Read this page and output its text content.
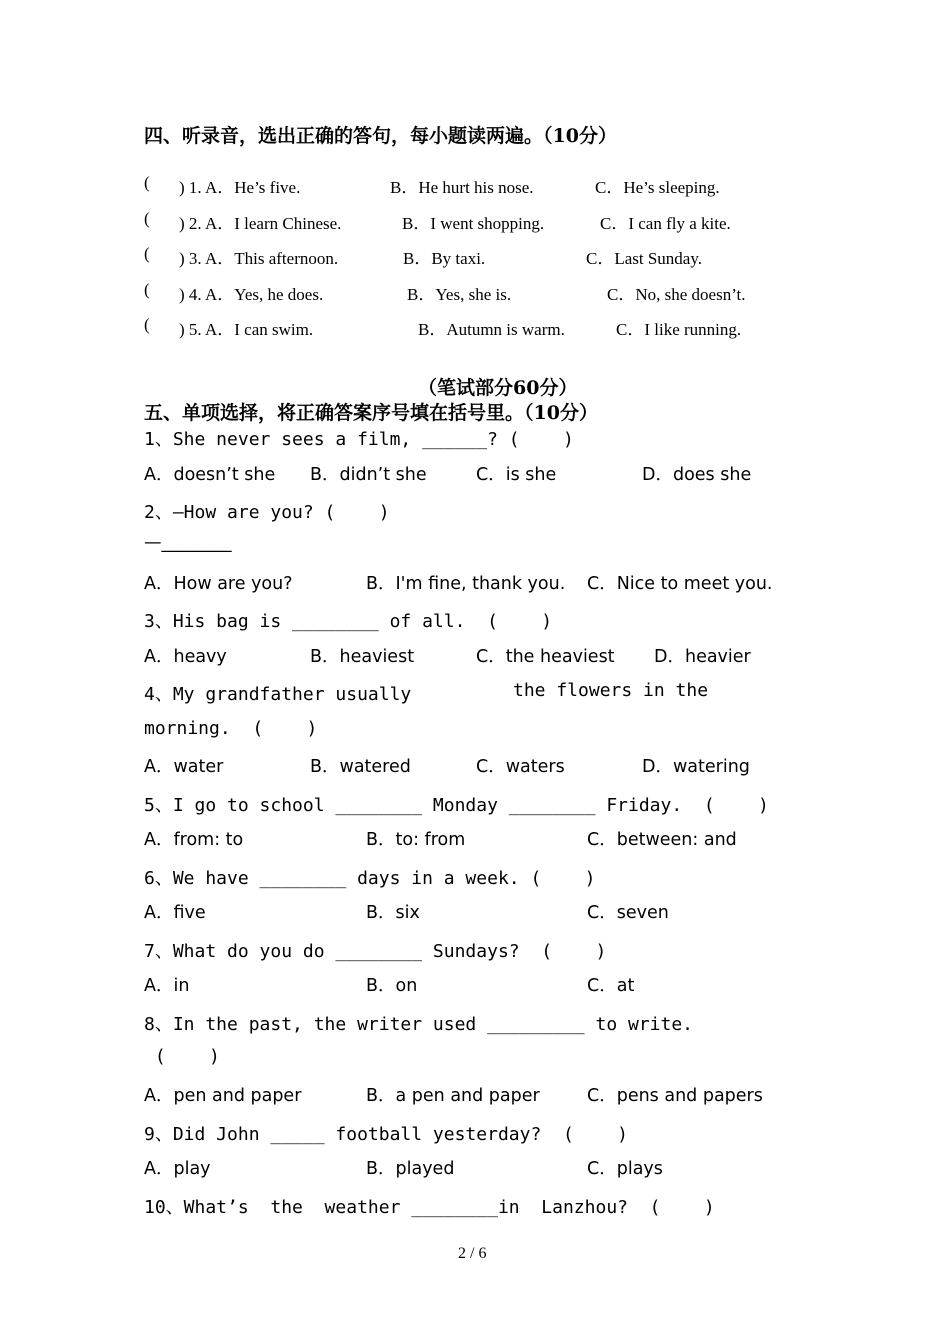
四、听录音，选出正确的答句，每小题读两遍。（10分）
( ) 1. A．He’s five.	B．He hurt his nose.	C．He’s sleeping.
( ) 2. A．I learn Chinese.	B．I went shopping.	C．I can fly a kite.
( ) 3. A．This afternoon.	B．By taxi.	C．Last Sunday.
( ) 4. A．Yes, he does.	B．Yes, she is.	C．No, she doesn’t.
( ) 5. A．I can swim.	B．Autumn is warm.	C．I like running.
（笔试部分60分）
五、单项选择，将正确答案序号填在括号里。（10分）
1、She never sees a film, ______? (    )
A．doesn’t she B．didn’t she	C．is she	D．does she
2、—How are you? (    )
—________
A．How are you?	B．I'm fine, thank you. C．Nice to meet you.
3、His bag is ________ of all.  (    )
A．heavy	B．heaviest	C．the heaviest D．heavier
4、My grandfather usually	the flowers in the
morning.  (    )
A．water	B．watered	C．waters	D．watering
5、I go to school ________ Monday ________ Friday.  (    )
A．from: to	B．to: from	C．between: and
6、We have ________ days in a week. (    )
A．five	B．six	C．seven
7、What do you do ________ Sundays?  (    )
A．in	B．on	C．at
8、In the past, the writer used _________ to write.
(    )
A．pen and paper	B．a pen and paper	C．pens and papers
9、Did John _____ football yesterday?  (    )
A．play	B．played	C．plays
10、What’s  the  weather ________in  Lanzhou?  (    )
2 / 6
